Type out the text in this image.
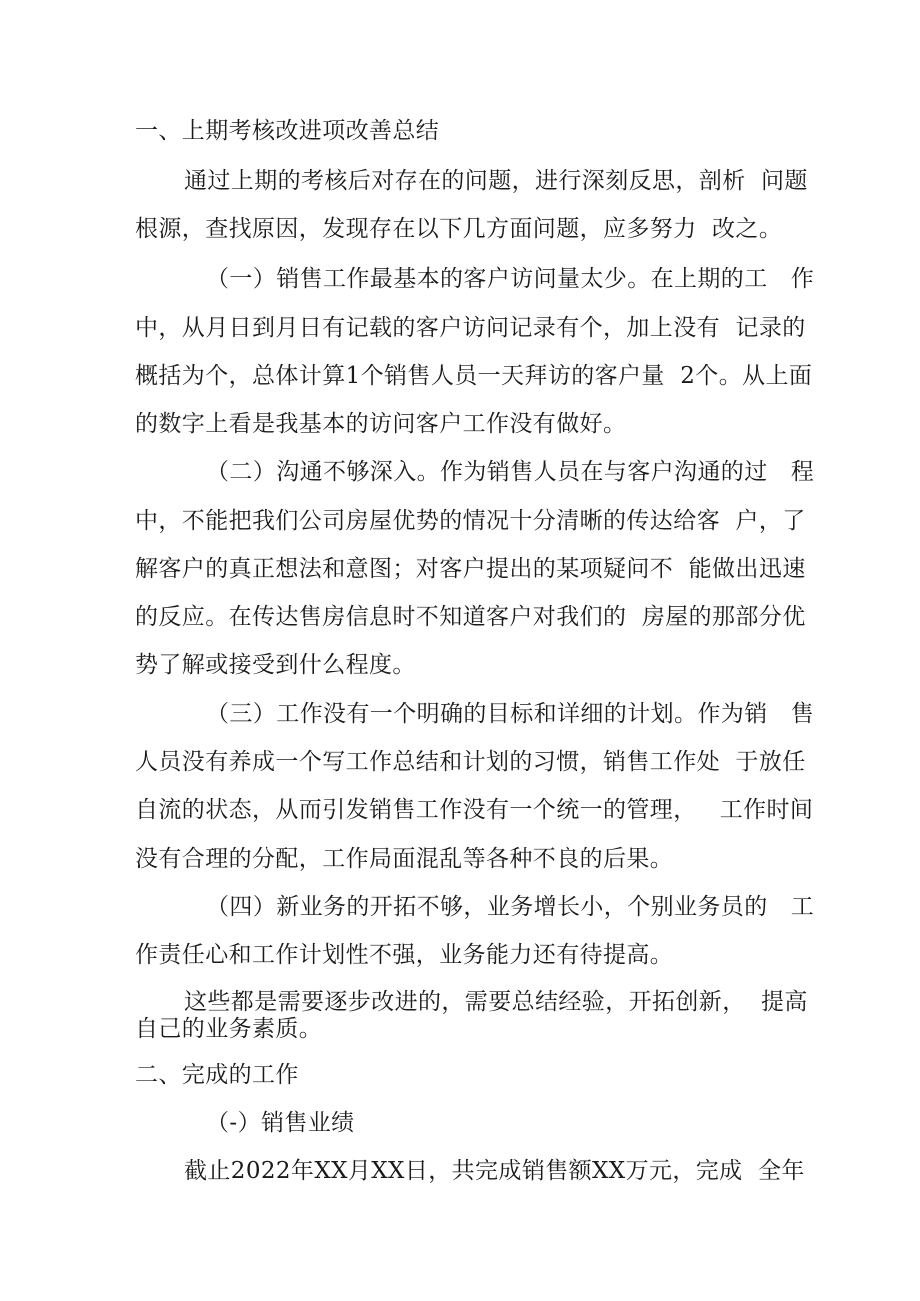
一、上期考核改进项改善总结
通过上期的考核后对存在的问题，进行深刻反思，剖析  问题
根源，查找原因，发现存在以下几方面问题，应多努力  改之。
（一）销售工作最基本的客户访问量太少。在上期的工   作
中，从月日到月日有记载的客户访问记录有个，加上没有  记录的
概括为个，总体计算1个销售人员一天拜访的客户量  2个。从上面
的数字上看是我基本的访问客户工作没有做好。
（二）沟通不够深入。作为销售人员在与客户沟通的过   程
中，不能把我们公司房屋优势的情况十分清晰的传达给客  户，了
解客户的真正想法和意图；对客户提出的某项疑问不  能做出迅速
的反应。在传达售房信息时不知道客户对我们的  房屋的那部分优
势了解或接受到什么程度。
（三）工作没有一个明确的目标和详细的计划。作为销   售
人员没有养成一个写工作总结和计划的习惯，销售工作处  于放任
自流的状态，从而引发销售工作没有一个统一的管理，   工作时间
没有合理的分配，工作局面混乱等各种不良的后果。
（四）新业务的开拓不够，业务增长小，个别业务员的   工
作责任心和工作计划性不强，业务能力还有待提高。
这些都是需要逐步改进的，需要总结经验，开拓创新，  提高
自己的业务素质。
二、完成的工作
（-）销售业绩
截止2022年XX月XX日，共完成销售额XX万元，完成  全年
